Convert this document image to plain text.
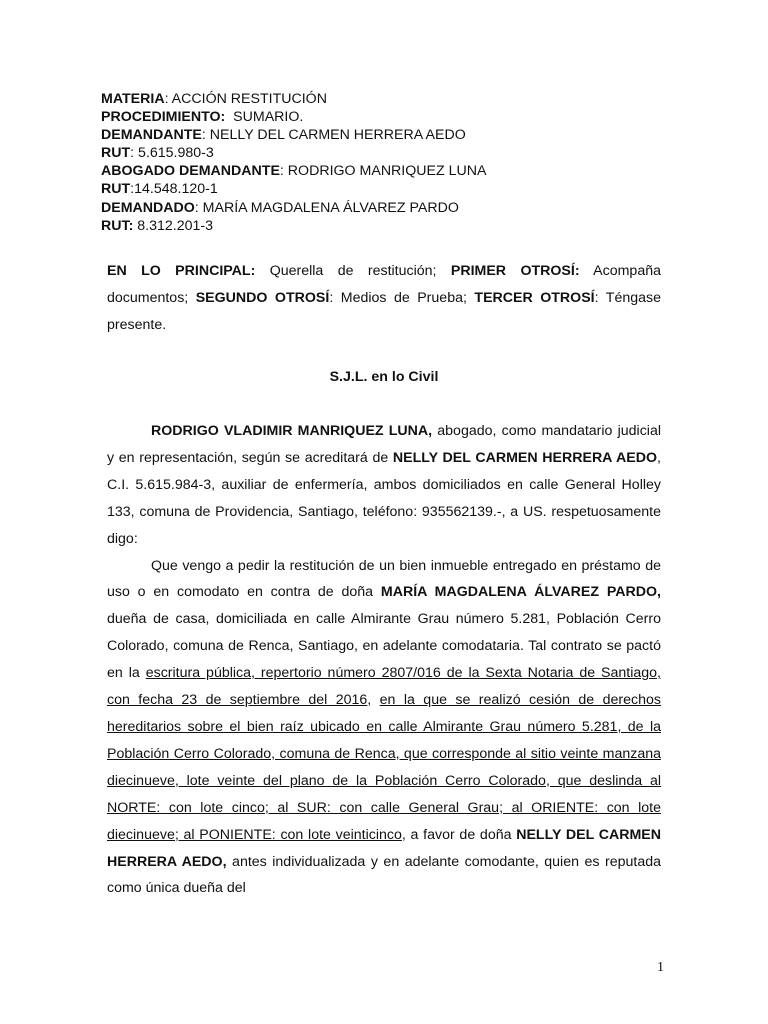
MATERIA: ACCIÓN RESTITUCIÓN
PROCEDIMIENTO:  SUMARIO.
DEMANDANTE: NELLY DEL CARMEN HERRERA AEDO
RUT: 5.615.980-3
ABOGADO DEMANDANTE: RODRIGO MANRIQUEZ LUNA
RUT:14.548.120-1
DEMANDADO: MARÍA MAGDALENA ÁLVAREZ PARDO
RUT: 8.312.201-3
EN LO PRINCIPAL: Querella de restitución; PRIMER OTROSÍ: Acompaña documentos; SEGUNDO OTROSÍ: Medios de Prueba; TERCER OTROSÍ: Téngase presente.
S.J.L. en lo Civil

RODRIGO VLADIMIR MANRIQUEZ LUNA, abogado, como mandatario judicial y en representación, según se acreditará de NELLY DEL CARMEN HERRERA AEDO, C.I. 5.615.984-3, auxiliar de enfermería, ambos domiciliados en calle General Holley 133, comuna de Providencia, Santiago, teléfono: 935562139.-, a US. respetuosamente digo:

Que vengo a pedir la restitución de un bien inmueble entregado en préstamo de uso o en comodato en contra de doña MARÍA MAGDALENA ÁLVAREZ PARDO, dueña de casa, domiciliada en calle Almirante Grau número 5.281, Población Cerro Colorado, comuna de Renca, Santiago, en adelante comodataria. Tal contrato se pactó en la escritura pública, repertorio número 2807/016 de la Sexta Notaria de Santiago, con fecha 23 de septiembre del 2016, en la que se realizó cesión de derechos hereditarios sobre el bien raíz ubicado en calle Almirante Grau número 5.281, de la Población Cerro Colorado, comuna de Renca, que corresponde al sitio veinte manzana diecinueve, lote veinte del plano de la Población Cerro Colorado, que deslinda al NORTE: con lote cinco; al SUR: con calle General Grau; al ORIENTE: con lote diecinueve; al PONIENTE: con lote veinticinco, a favor de doña NELLY DEL CARMEN HERRERA AEDO, antes individualizada y en adelante comodante, quien es reputada como única dueña del

1
